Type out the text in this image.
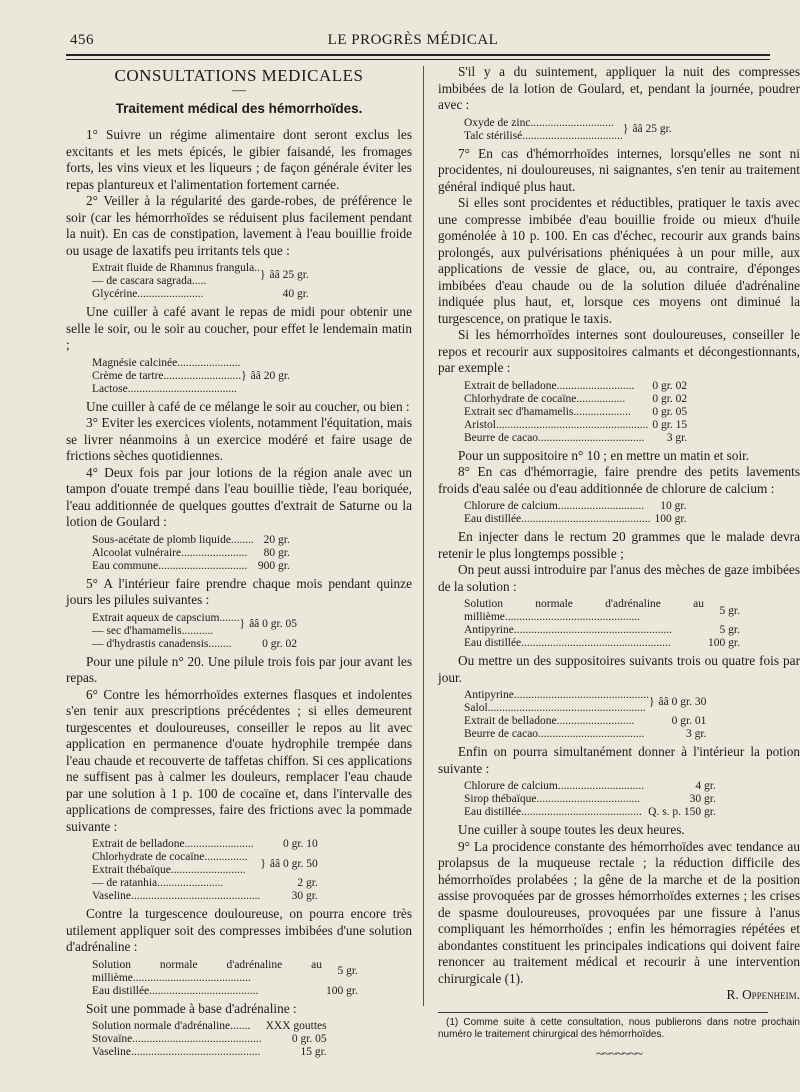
456	LE PROGRÈS MÉDICAL
CONSULTATIONS MEDICALES
—
Traitement médical des hémorrhoïdes.

1° Suivre un régime alimentaire dont seront exclus les excitants et les mets épicés, le gibier faisandé, les fromages forts, les vins vieux et les liqueurs ; de façon générale éviter les repas plantureux et l'alimentation fortement carnée.

2° Veiller à la régularité des garde-robes, de préférence le soir (car les hémorrhoïdes se réduisent plus facilement pendant la nuit). En cas de constipation, lavement à l'eau bouillie froide ou usage de laxatifs peu irritants tels que :

Extrait fluide de Rhamnus frangula..	}	ââ 25 gr.
— de cascara sagrada.....		
Glycérine.......................		40 gr.

Une cuiller à café avant le repas de midi pour obtenir une selle le soir, ou le soir au coucher, pour effet le lendemain matin ;

Magnésie calcinée......................	}	ââ 20 gr.
Crème de tartre...........................
Lactose......................................

Une cuiller à café de ce mélange le soir au coucher, ou bien :

3° Eviter les exercices violents, notamment l'équitation, mais se livrer néanmoins à un exercice modéré et faire usage de frictions sèches quotidiennes.

4° Deux fois par jour lotions de la région anale avec un tampon d'ouate trempé dans l'eau bouillie tiède, l'eau boriquée, l'eau additionnée de quelques gouttes d'extrait de Saturne ou la lotion de Goulard :

Sous-acétate de plomb liquide........	20 gr.
Alcoolat vulnéraire.......................	80 gr.
Eau commune...............................	900 gr.

5° A l'intérieur faire prendre chaque mois pendant quinze jours les pilules suivantes :

Extrait aqueux de capscium.......	}	ââ 0 gr. 05
— sec d'hamamelis...........		
— d'hydrastis canadensis........		0 gr. 02

Pour une pilule n° 20. Une pilule trois fois par jour avant les repas.

6° Contre les hémorrhoïdes externes flasques et indolentes s'en tenir aux prescriptions précédentes ; si elles demeurent turgescentes et douloureuses, conseiller le repos au lit avec application en permanence d'ouate hydrophile trempée dans l'eau chaude et recouverte de taffetas chiffon. Si ces applications ne suffisent pas à calmer les douleurs, remplacer l'eau chaude par une solution à 1 p. 100 de cocaïne et, dans l'intervalle des applications de compresses, faire des frictions avec la pommade suivante :

Extrait de belladone........................		0 gr. 10
Chlorhydrate de cocaïne...............	}	ââ 0 gr. 50
Extrait thébaïque..........................		
— de ratanhia.......................		2 gr.
Vaseline.............................................		30 gr.

Contre la turgescence douloureuse, on pourra encore très utilement appliquer soit des compresses imbibées d'une solution d'adrénaline :

Solution normale d'adrénaline au millième.........................................	5 gr.
Eau distillée......................................	100 gr.

Soit une pommade à base d'adrénaline :

Solution normale d'adrénaline.......	XXX gouttes
Stovaïne.............................................	0 gr. 05
Vaseline.............................................	15 gr.

S'il y a du suintement, appliquer la nuit des compresses imbibées de la lotion de Goulard, et, pendant la journée, poudrer avec :

Oxyde de zinc.............................	}	ââ 25 gr.
Talc stérilisé...................................

7° En cas d'hémorrhoïdes internes, lorsqu'elles ne sont ni procidentes, ni douloureuses, ni saignantes, s'en tenir au traitement général indiqué plus haut.

Si elles sont procidentes et réductibles, pratiquer le taxis avec une compresse imbibée d'eau bouillie froide ou mieux d'huile goménolée à 10 p. 100. En cas d'échec, recourir aux grands bains prolongés, aux pulvérisations phéniquées à un pour mille, aux applications de vessie de glace, ou, au contraire, d'éponges imbibées d'eau chaude ou de la solution diluée d'adrénaline indiquée plus haut, et, lorsque ces moyens ont diminué la turgescence, on pratique le taxis.

Si les hémorrhoïdes internes sont douloureuses, conseiller le repos et recourir aux suppositoires calmants et décongestionnants, par exemple :

Extrait de belladone...........................	0 gr. 02
Chlorhydrate de cocaïne.................	0 gr. 02
Extrait sec d'hamamelis....................	0 gr. 05
Aristol.....................................................	0 gr. 15
Beurre de cacao.....................................	3 gr.

Pour un suppositoire n° 10 ; en mettre un matin et soir.

8° En cas d'hémorragie, faire prendre des petits lavements froids d'eau salée ou d'eau additionnée de chlorure de calcium :

Chlorure de calcium..............................	10 gr.
Eau distillée.............................................	100 gr.

En injecter dans le rectum 20 grammes que le malade devra retenir le plus longtemps possible ;

On peut aussi introduire par l'anus des mèches de gaze imbibées de la solution :

Solution normale d'adrénaline au millième...............................................	5 gr.
Antipyrine.......................................................	5 gr.
Eau distillée....................................................	100 gr.

Ou mettre un des suppositoires suivants trois ou quatre fois par jour.

Antipyrine...............................................	}	ââ 0 gr. 30
Salol.......................................................		
Extrait de belladone...........................		0 gr. 01
Beurre de cacao.....................................		3 gr.

Enfin on pourra simultanément donner à l'intérieur la potion suivante :

Chlorure de calcium..............................	4 gr.
Sirop thébaïque....................................	30 gr.
Eau distillée..........................................	Q. s. p. 150 gr.

Une cuiller à soupe toutes les deux heures.

9° La procidence constante des hémorrhoïdes avec tendance au prolapsus de la muqueuse rectale ; la réduction difficile des hémorrhoïdes prolabées ; la gêne de la marche et de la position assise provoquées par de grosses hémorrhoïdes externes ; les crises de spasme douloureuses, provoquées par une fissure à l'anus compliquant les hémorrhoïdes ; enfin les hémorragies répétées et abondantes constituent les principales indications qui doivent faire renoncer au traitement médical et recourir à une intervention chirurgicale (1).

R. Oppenheim.

(1) Comme suite à cette consultation, nous publierons dans notre prochain numéro le traitement chirurgical des hémorrhoïdes.

~~~~~~~
